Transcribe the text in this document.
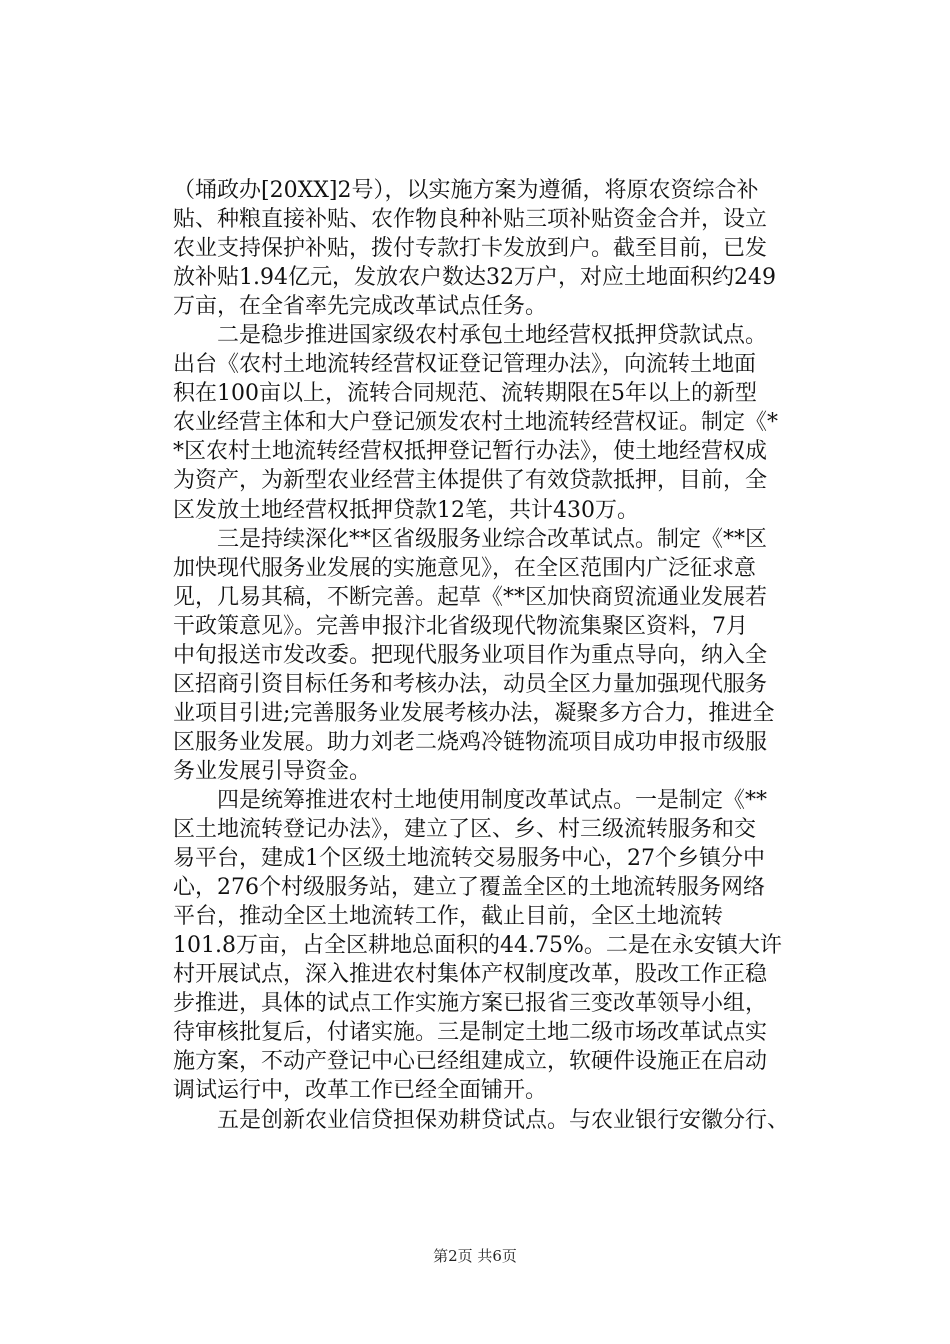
（埇政办[20XX]2号），以实施方案为遵循，将原农资综合补
贴、种粮直接补贴、农作物良种补贴三项补贴资金合并，设立
农业支持保护补贴，拨付专款打卡发放到户。截至目前，已发
放补贴1.94亿元，发放农户数达32万户，对应土地面积约249
万亩，在全省率先完成改革试点任务。
　　二是稳步推进国家级农村承包土地经营权抵押贷款试点。
出台《农村土地流转经营权证登记管理办法》，向流转土地面
积在100亩以上，流转合同规范、流转期限在5年以上的新型
农业经营主体和大户登记颁发农村土地流转经营权证。制定《*
*区农村土地流转经营权抵押登记暂行办法》，使土地经营权成
为资产，为新型农业经营主体提供了有效贷款抵押，目前，全
区发放土地经营权抵押贷款12笔，共计430万。
　　三是持续深化**区省级服务业综合改革试点。制定《**区
加快现代服务业发展的实施意见》，在全区范围内广泛征求意
见，几易其稿，不断完善。起草《**区加快商贸流通业发展若
干政策意见》。完善申报汴北省级现代物流集聚区资料，7月
中旬报送市发改委。把现代服务业项目作为重点导向，纳入全
区招商引资目标任务和考核办法，动员全区力量加强现代服务
业项目引进;完善服务业发展考核办法，凝聚多方合力，推进全
区服务业发展。助力刘老二烧鸡冷链物流项目成功申报市级服
务业发展引导资金。
　　四是统筹推进农村土地使用制度改革试点。一是制定《**
区土地流转登记办法》，建立了区、乡、村三级流转服务和交
易平台，建成1个区级土地流转交易服务中心，27个乡镇分中
心，276个村级服务站，建立了覆盖全区的土地流转服务网络
平台，推动全区土地流转工作，截止目前，全区土地流转
101.8万亩，占全区耕地总面积的44.75%。二是在永安镇大许
村开展试点，深入推进农村集体产权制度改革，股改工作正稳
步推进，具体的试点工作实施方案已报省三变改革领导小组，
待审核批复后，付诸实施。三是制定土地二级市场改革试点实
施方案，不动产登记中心已经组建成立，软硬件设施正在启动
调试运行中，改革工作已经全面铺开。
　　五是创新农业信贷担保劝耕贷试点。与农业银行安徽分行、
第2页 共6页
